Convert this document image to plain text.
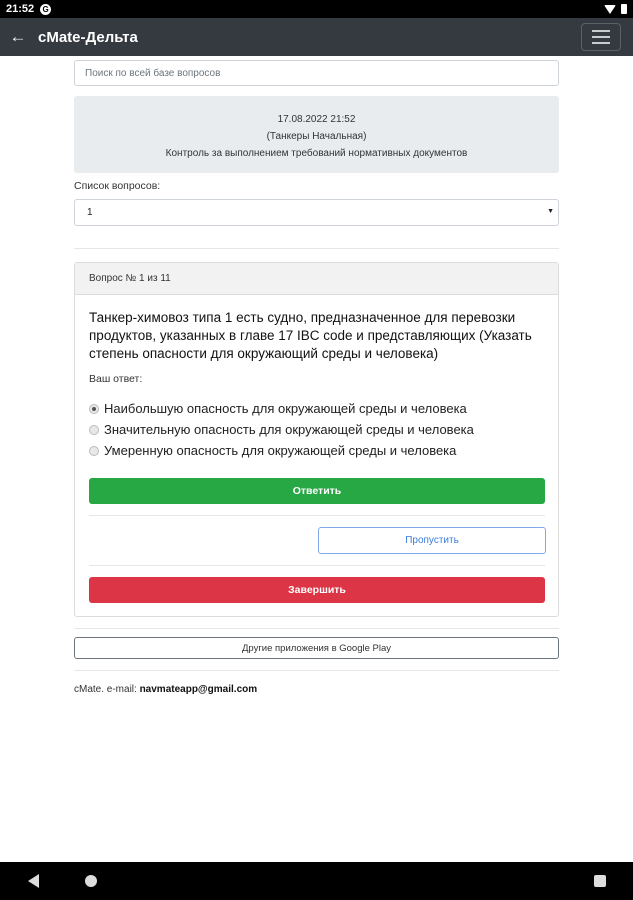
21:52 G
← cMate-Дельта
Поиск по всей базе вопросов
17.08.2022 21:52
(Танкеры Начальная)
Контроль за выполнением требований нормативных документов
Список вопросов:
1	▼
Вопрос № 1 из 11
Танкер-химовоз типа 1 есть судно, предназначенное для перевозки продуктов, указанных в главе 17 IBC code и представляющих (Указать степень опасности для окружающий среды и человека)
Ваш ответ:
Наибольшую опасность для окружающей среды и человека
Значительную опасность для окружающей среды и человека
Умеренную опасность для окружающей среды и человека
Ответить
Пропустить
Завершить
Другие приложения в Google Play
cMate. e-mail: navmateapp@gmail.com
